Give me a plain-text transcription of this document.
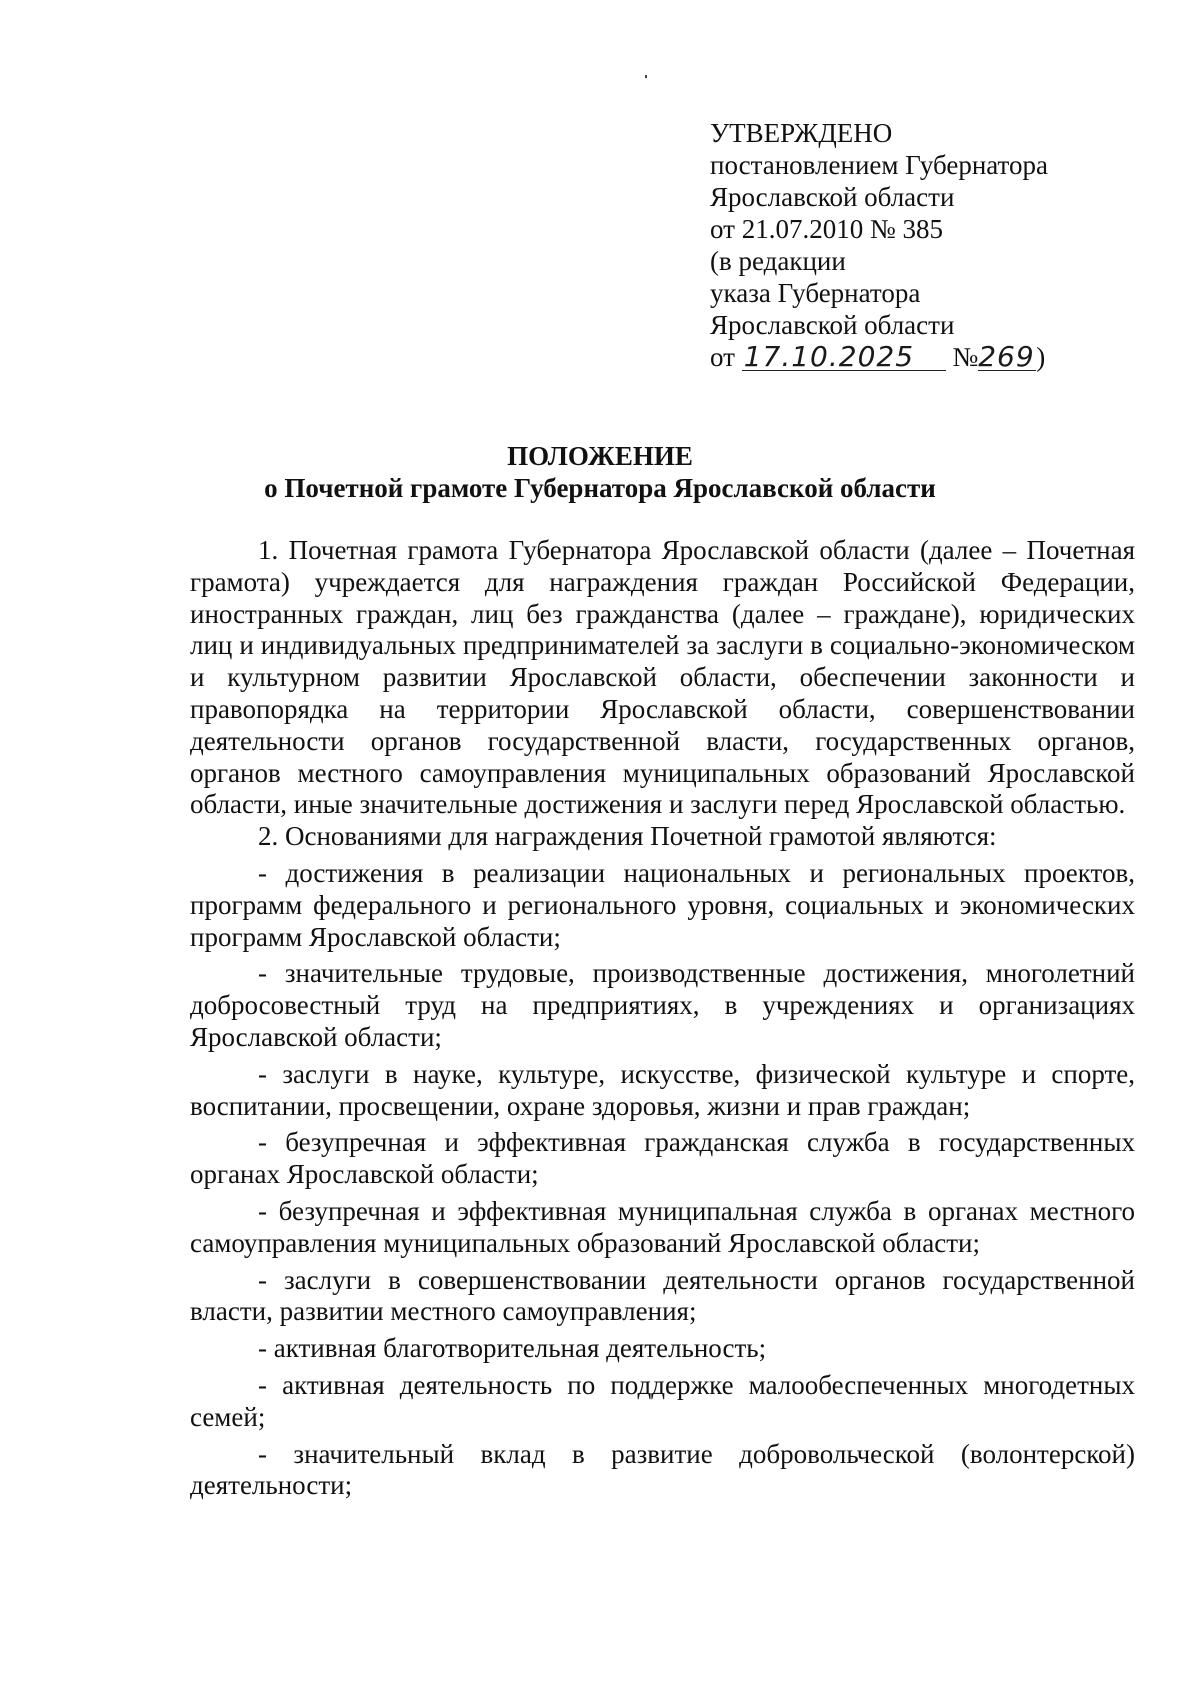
УТВЕРЖДЕНО
постановлением Губернатора
Ярославской области
от 21.07.2010 № 385
(в редакции
указа Губернатора
Ярославской области
от 17.10.2025 №269)
ПОЛОЖЕНИЕ
о Почетной грамоте Губернатора Ярославской области

1. Почетная грамота Губернатора Ярославской области (далее – Почетная грамота) учреждается для награждения граждан Российской Федерации, иностранных граждан, лиц без гражданства (далее – граждане), юридических лиц и индивидуальных предпринимателей за заслуги в социально-экономическом и культурном развитии Ярославской области, обеспечении законности и правопорядка на территории Ярославской области, совершенствовании деятельности органов государственной власти, государственных органов, органов местного самоуправления муниципальных образований Ярославской области, иные значительные достижения и заслуги перед Ярославской областью.

2. Основаниями для награждения Почетной грамотой являются:

- достижения в реализации национальных и региональных проектов, программ федерального и регионального уровня, социальных и экономических программ Ярославской области;

- значительные трудовые, производственные достижения, многолетний добросовестный труд на предприятиях, в учреждениях и организациях Ярославской области;

- заслуги в науке, культуре, искусстве, физической культуре и спорте, воспитании, просвещении, охране здоровья, жизни и прав граждан;

- безупречная и эффективная гражданская служба в государственных органах Ярославской области;

- безупречная и эффективная муниципальная служба в органах местного самоуправления муниципальных образований Ярославской области;

- заслуги в совершенствовании деятельности органов государственной власти, развитии местного самоуправления;

- активная благотворительная деятельность;

- активная деятельность по поддержке малообеспеченных многодетных семей;

- значительный вклад в развитие добровольческой (волонтерской) деятельности;
